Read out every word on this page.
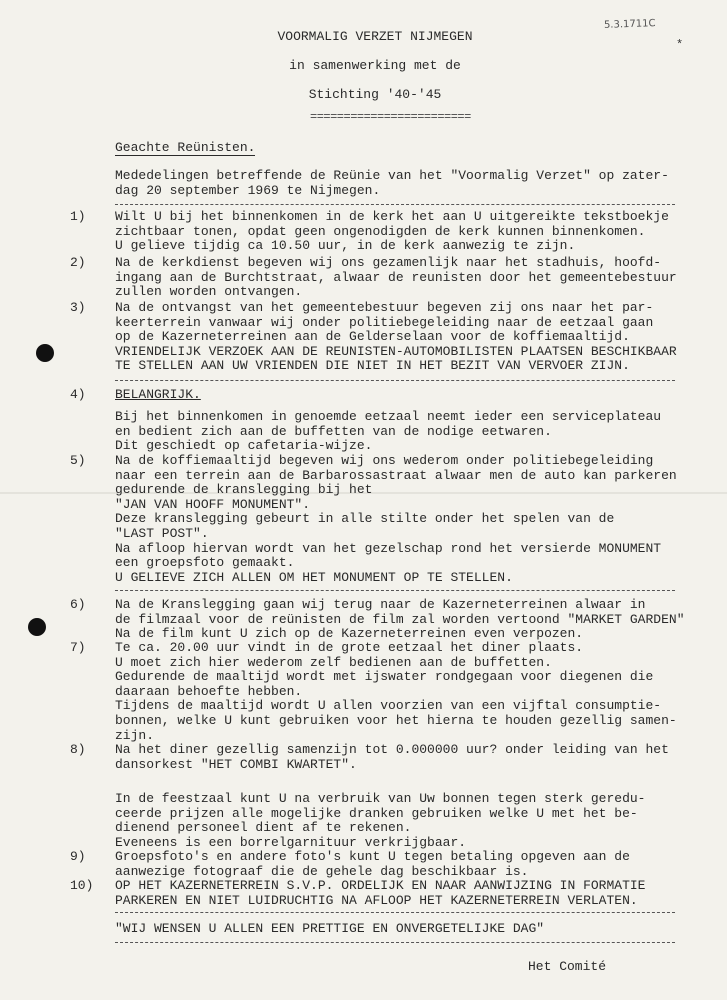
5.3.1711C
*
VOORMALIG VERZET NIJMEGEN
in samenwerking met de
Stichting '40-'45
========================
Geachte Reünisten.
Mededelingen betreffende de Reünie van het "Voormalig Verzet" op zater-
dag 20 september 1969 te Nijmegen.
1)	Wilt U bij het binnenkomen in de kerk het aan U uitgereikte tekstboekje
zichtbaar tonen, opdat geen ongenodigden de kerk kunnen binnenkomen.
U gelieve tijdig ca 10.50 uur, in de kerk aanwezig te zijn.
2)	Na de kerkdienst begeven wij ons gezamenlijk naar het stadhuis, hoofd-
ingang aan de Burchtstraat, alwaar de reunisten door het gemeentebestuur
zullen worden ontvangen.
3)	Na de ontvangst van het gemeentebestuur begeven zij ons naar het par-
keerterrein vanwaar wij onder politiebegeleiding naar de eetzaal gaan
op de Kazerneterreinen aan de Gelderselaan voor de koffiemaaltijd.
VRIENDELIJK VERZOEK AAN DE REUNISTEN-AUTOMOBILISTEN PLAATSEN BESCHIKBAAR
TE STELLEN AAN UW VRIENDEN DIE NIET IN HET BEZIT VAN VERVOER ZIJN.
4)	BELANGRIJK.
Bij het binnenkomen in genoemde eetzaal neemt ieder een serviceplateau
en bedient zich aan de buffetten van de nodige eetwaren.
Dit geschiedt op cafetaria-wijze.
5)	Na de koffiemaaltijd begeven wij ons wederom onder politiebegeleiding
naar een terrein aan de Barbarossastraat alwaar men de auto kan parkeren
gedurende de kranslegging bij het
"JAN VAN HOOFF MONUMENT".
Deze kranslegging gebeurt in alle stilte onder het spelen van de
"LAST POST".
Na afloop hiervan wordt van het gezelschap rond het versierde MONUMENT
een groepsfoto gemaakt.
U GELIEVE ZICH ALLEN OM HET MONUMENT OP TE STELLEN.
6)	Na de Kranslegging gaan wij terug naar de Kazerneterreinen alwaar in
de filmzaal voor de reünisten de film zal worden vertoond "MARKET GARDEN"
Na de film kunt U zich op de Kazerneterreinen even verpozen.
7)	Te ca. 20.00 uur vindt in de grote eetzaal het diner plaats.
U moet zich hier wederom zelf bedienen aan de buffetten.
Gedurende de maaltijd wordt met ijswater rondgegaan voor diegenen die
daaraan behoefte hebben.
Tijdens de maaltijd wordt U allen voorzien van een vijftal consumptie-
bonnen, welke U kunt gebruiken voor het hierna te houden gezellig samen-
zijn.
8)	Na het diner gezellig samenzijn tot 0.000000 uur? onder leiding van het
dansorkest "HET COMBI KWARTET".
In de feestzaal kunt U na verbruik van Uw bonnen tegen sterk geredu-
ceerde prijzen alle mogelijke dranken gebruiken welke U met het be-
dienend personeel dient af te rekenen.
Eveneens is een borrelgarnituur verkrijgbaar.
9)	Groepsfoto's en andere foto's kunt U tegen betaling opgeven aan de
aanwezige fotograaf die de gehele dag beschikbaar is.
10)	OP HET KAZERNETERREIN S.V.P. ORDELIJK EN NAAR AANWIJZING IN FORMATIE
PARKEREN EN NIET LUIDRUCHTIG NA AFLOOP HET KAZERNETERREIN VERLATEN.
"WIJ WENSEN U ALLEN EEN PRETTIGE EN ONVERGETELIJKE DAG"
Het Comité
